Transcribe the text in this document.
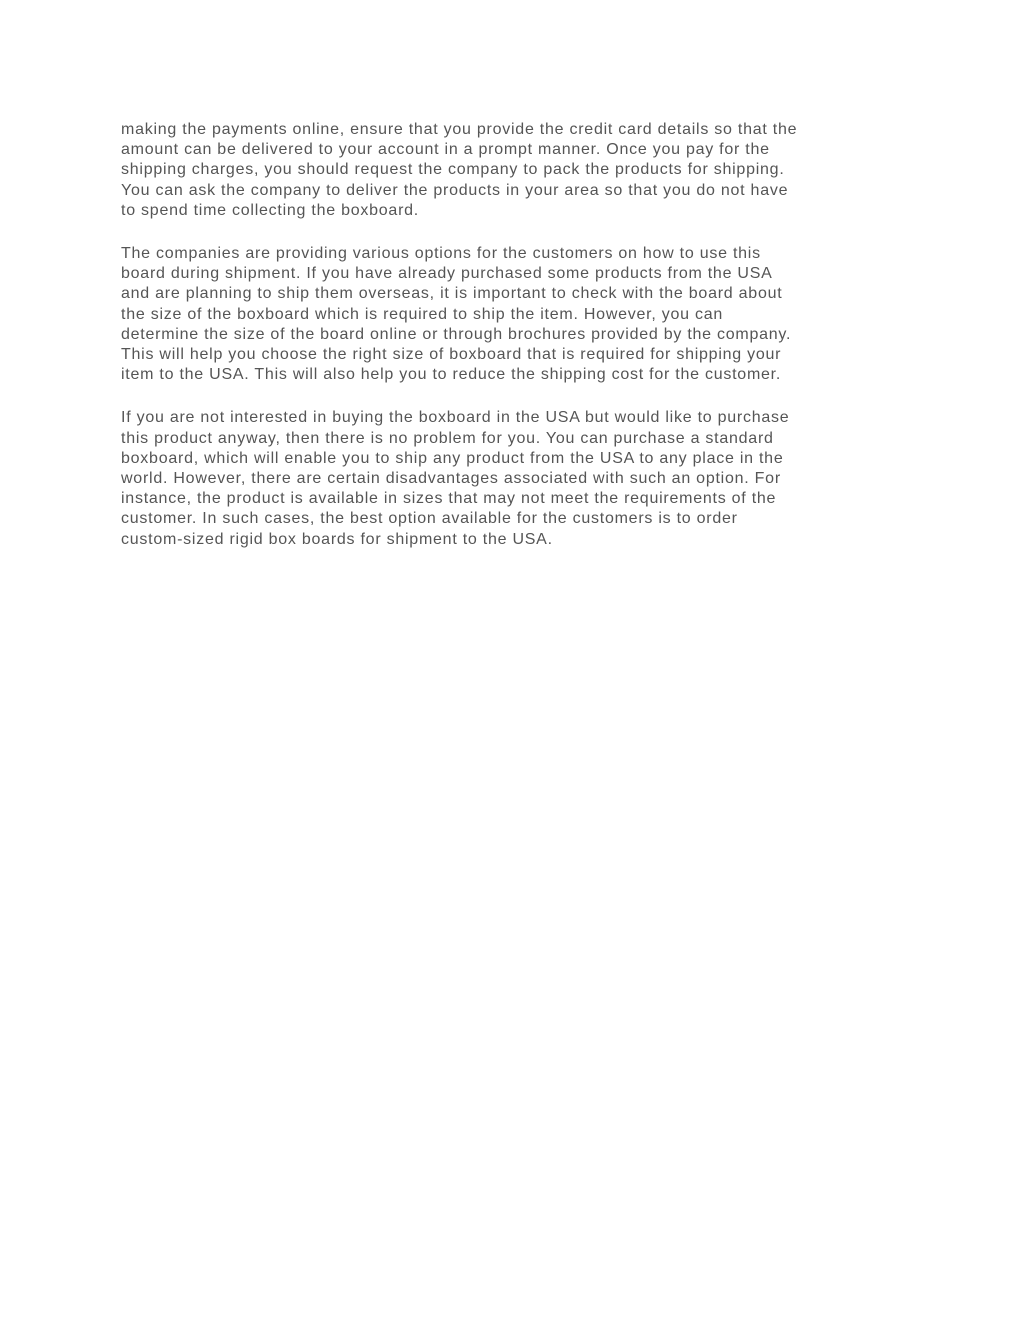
making the payments online, ensure that you provide the credit card details so that the
amount can be delivered to your account in a prompt manner. Once you pay for the
shipping charges, you should request the company to pack the products for shipping.
You can ask the company to deliver the products in your area so that you do not have
to spend time collecting the boxboard.

The companies are providing various options for the customers on how to use this
board during shipment. If you have already purchased some products from the USA
and are planning to ship them overseas, it is important to check with the board about
the size of the boxboard which is required to ship the item. However, you can
determine the size of the board online or through brochures provided by the company.
This will help you choose the right size of boxboard that is required for shipping your
item to the USA. This will also help you to reduce the shipping cost for the customer.

If you are not interested in buying the boxboard in the USA but would like to purchase
this product anyway, then there is no problem for you. You can purchase a standard
boxboard, which will enable you to ship any product from the USA to any place in the
world. However, there are certain disadvantages associated with such an option. For
instance, the product is available in sizes that may not meet the requirements of the
customer. In such cases, the best option available for the customers is to order
custom-sized rigid box boards for shipment to the USA.
